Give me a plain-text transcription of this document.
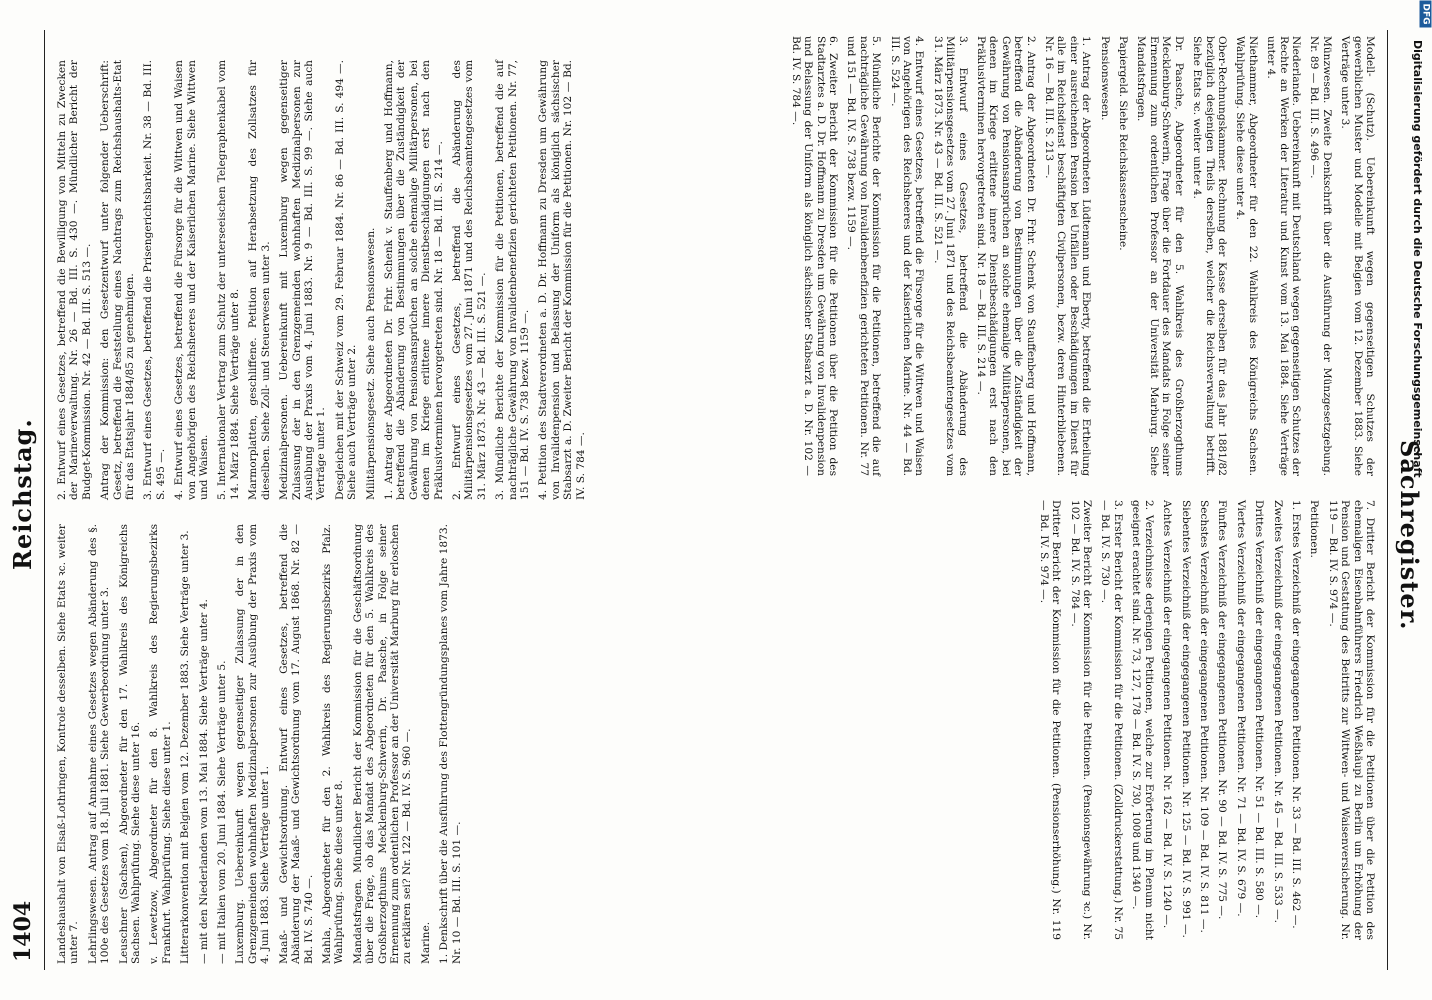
1404
Reichstag.
Landeshaushalt von Elsaß-Lothringen, Kontrole desselben. Siehe Etats ꝛc. weiter unter 7. Lehrlingswesen. Antrag auf Annahme eines Gesetzes wegen Abänderung des §. 100e des Gesetzes vom 18. Juli 1881. Siehe Gewerbeordnung unter 3. Leuschner (Sachsen), Abgeordneter für den 17. Wahlkreis des Königreichs Sachsen. Wahlprüfung. Siehe diese unter 16. v. Lewetzow, Abgeordneter für den 8. Wahlkreis des Regierungsbezirks Frankfurt. Wahlprüfung. Siehe diese unter 1. Litterarkonvention mit Belgien vom 12. Dezember 1883. Siehe Verträge unter 3. — mit den Niederlanden vom 13. Mai 1884. Siehe Verträge unter 4. — mit Italien vom 20. Juni 1884. Siehe Verträge unter 5. Luxemburg. Uebereinkunft wegen gegenseitiger Zulassung der in den Grenzgemeinden wohnhaften Medizinalpersonen zur Ausübung der Praxis vom 4. Juni 1883. Siehe Verträge unter 1. Maaß- und Gewichtsordnung. Entwurf eines Gesetzes, betreffend die Abänderung der Maaß- und Gewichtsordnung vom 17. August 1868. Nr. 82 — Bd. IV. S. 740 —. Mahla, Abgeordneter für den 2. Wahlkreis des Regierungsbezirks Pfalz. Wahlprüfung. Siehe diese unter 8. Mandatsfragen. Mündlicher Bericht der Kommission für die Geschäftsordnung über die Frage, ob das Mandat des Abgeordneten für den 5. Wahlkreis des Großherzogthums Mecklenburg-Schwerin, Dr. Paasche, in Folge seiner Ernennung zum ordentlichen Professor an der Universität Marburg für erloschen zu erklären sei? Nr. 122 — Bd. IV. S. 960 —. Marine. 1. Denkschrift über die Ausführung des Flottengründungsplanes vom Jahre 1873. Nr. 10 — Bd. III. S. 101 —.
2. Entwurf eines Gesetzes, betreffend die Bewilligung von Mitteln zu Zwecken der Marineverwaltung. Nr. 26 — Bd. III. S. 430 —. Mündlicher Bericht der Budget-Kommission. Nr. 42 — Bd. III. S. 513 —. Antrag der Kommission: den Gesetzentwurf unter folgender Ueberschrift: Gesetz, betreffend die Feststellung eines Nachtrags zum Reichshaushalts-Etat für das Etatsjahr 1884/85 zu genehmigen. 3. Entwurf eines Gesetzes, betreffend die Prisengerichtsbarkeit. Nr. 38 — Bd. III. S. 495 —. 4. Entwurf eines Gesetzes, betreffend die Fürsorge für die Wittwen und Waisen von Angehörigen des Reichsheeres und der Kaiserlichen Marine. Siehe Wittwen und Waisen. 5. Internationaler Vertrag zum Schutz der unterseeischen Telegraphenkabel vom 14. März 1884. Siehe Verträge unter 8. Marmorplatten, geschliffene. Petition auf Herabsetzung des Zollsatzes für dieselben. Siehe Zoll- und Steuerwesen unter 3. Medizinalpersonen. Uebereinkunft mit Luxemburg wegen gegenseitiger Zulassung der in den Grenzgemeinden wohnhaften Medizinalpersonen zur Ausübung der Praxis vom 4. Juni 1883. Nr. 9 — Bd. III. S. 99 —. Siehe auch Verträge unter 1. Desgleichen mit der Schweiz vom 29. Februar 1884. Nr. 86 — Bd. III. S. 494 —. Siehe auch Verträge unter 2. Militärpensionsgesetz. Siehe auch Pensionswesen. 1. Antrag der Abgeordneten Dr. Frhr. Schenk v. Stauffenberg und Hoffmann, betreffend die Abänderung von Bestimmungen über die Zuständigkeit der Gewährung von Pensionsansprüchen an solche ehemalige Militärpersonen, bei denen im Kriege erlittene innere Dienstbeschädigungen erst nach den Präklusivterminen hervorgetreten sind. Nr. 18 — Bd. III. S. 214 —. 2. Entwurf eines Gesetzes, betreffend die Abänderung des Militärpensionsgesetzes vom 27. Juni 1871 und des Reichsbeamtengesetzes vom 31. März 1873. Nr. 43 — Bd. III. S. 521 —. 3. Mündliche Berichte der Kommission für die Petitionen, betreffend die auf nachträgliche Gewährung von Invalidenbenefizien gerichteten Petitionen. Nr. 77, 151 — Bd. IV. S. 738 bezw. 1159 —. 4. Petition des Stadtverordneten a. D. Dr. Hoffmann zu Dresden um Gewährung von Invalidenpension und Belassung der Uniform als königlich sächsischer Stabsarzt a. D. Zweiter Bericht der Kommission für die Petitionen. Nr. 102 — Bd. IV. S. 784 —.	Sachregister.
Modell- (Schutz). Uebereinkunft wegen gegenseitigen Schutzes der gewerblichen Muster und Modelle mit Belgien vom 12. Dezember 1883. Siehe Verträge unter 3.
Münzwesen. Zweite Denkschrift über die Ausführung der Münzgesetzgebung. Nr. 89 — Bd. III. S. 496 —.
Niederlande. Uebereinkunft mit Deutschland wegen gegenseitigen Schutzes der Rechte an Werken der Literatur und Kunst vom 13. Mai 1884. Siehe Verträge unter 4.
Niethammer, Abgeordneter für den 22. Wahlkreis des Königreichs Sachsen. Wahlprüfung. Siehe diese unter 4.
Ober-Rechnungskammer. Rechnung der Kasse derselben für das Jahr 1881/82 bezüglich desjenigen Theils derselben, welcher die Reichsverwaltung betrifft. Siehe Etats ꝛc. weiter unter 4.
Dr. Paasche, Abgeordneter für den 5. Wahlkreis des Großherzogthums Mecklenburg-Schwerin, Frage über die Fortdauer des Mandats in Folge seiner Ernennung zum ordentlichen Professor an der Universität Marburg. Siehe Mandatsfragen.
Papiergeld. Siehe Reichskassenscheine.
Pensionswesen.
1. Antrag der Abgeordneten Lüdtemann und Eberty, betreffend die Ertheilung einer ausreichenden Pension bei Unfällen oder Beschädigungen im Dienst für alle im Reichsdienst beschäftigten Civilpersonen, bezw. deren Hinterbliebenen. Nr. 16 — Bd. III. S. 213 —.
2. Antrag der Abgeordneten Dr. Frhr. Schenk von Stauffenberg und Hoffmann, betreffend die Abänderung von Bestimmungen über die Zuständigkeit der Gewährung von Pensionsansprüchen an solche ehemalige Militärpersonen, bei denen im Kriege erlittene innere Dienstbeschädigungen erst nach den Präklusivterminen hervorgetreten sind. Nr. 18 — Bd. III. S. 214 —.
3. Entwurf eines Gesetzes, betreffend die Abänderung des Militärpensionsgesetzes vom 27. Juni 1871 und des Reichsbeamtengesetzes vom 31. März 1873. Nr. 43 — Bd. III. S. 521 —.
4. Entwurf eines Gesetzes, betreffend die Fürsorge für die Wittwen und Waisen von Angehörigen des Reichsheeres und der Kaiserlichen Marine. Nr. 44 — Bd. III. S. 524 —.
5. Mündliche Berichte der Kommission für die Petitionen, betreffend die auf nachträgliche Gewährung von Invalidenbenefizien gerichteten Petitionen. Nr. 77 und 151 — Bd. IV. S. 738 bezw. 1159 —.
6. Zweiter Bericht der Kommission für die Petitionen über die Petition des Stadtarztes a. D. Dr. Hoffmann zu Dresden um Gewährung von Invalidenpension und Belassung der Uniform als königlich sächsischer Stabsarzt a. D. Nr. 102 — Bd. IV. S. 784 —.
7. Dritter Bericht der Kommission für die Petitionen über die Petition des ehemaligen Eisenbahnführers Friedrich Weßhäupl zu Berlin um Erhöhung der Pension und Gestattung des Beitritts zur Wittwen- und Waisenversicherung. Nr. 119 — Bd. IV. S. 974 —.
Petitionen.
1. Erstes Verzeichniß der eingegangenen Petitionen. Nr. 33 — Bd. III. S. 462 —.
Zweites Verzeichniß der eingegangenen Petitionen. Nr. 45 — Bd. III. S. 533 —.
Drittes Verzeichniß der eingegangenen Petitionen. Nr. 51 — Bd. III. S. 580 —.
Viertes Verzeichniß der eingegangenen Petitionen. Nr. 71 — Bd. IV. S. 679 —.
Fünftes Verzeichniß der eingegangenen Petitionen. Nr. 90 — Bd. IV. S. 775 —.
Sechstes Verzeichniß der eingegangenen Petitionen. Nr. 109 — Bd. IV. S. 811 —.
Siebentes Verzeichniß der eingegangenen Petitionen. Nr. 125 — Bd. IV. S. 991 —.
Achtes Verzeichniß der eingegangenen Petitionen. Nr. 162 — Bd. IV. S. 1240 —.
2. Verzeichnisse derjenigen Petitionen, welche zur Erörterung im Plenum nicht geeignet erachtet sind. Nr. 73, 127, 178 — Bd. IV. S. 730, 1008 und 1340 —.
3. Erster Bericht der Kommission für die Petitionen. (Zolldruckerstattung.) Nr. 75 — Bd. IV. S. 730 —.
Zweiter Bericht der Kommission für die Petitionen. (Pensionsgewährung ꝛc.) Nr. 102 — Bd. IV. S. 784 —.
Dritter Bericht der Kommission für die Petitionen. (Pensionserhöhung.) Nr. 119 — Bd. IV. S. 974 —.
Digitalisierung gefördert durch die Deutsche Forschungsgemeinschaft
DFG
